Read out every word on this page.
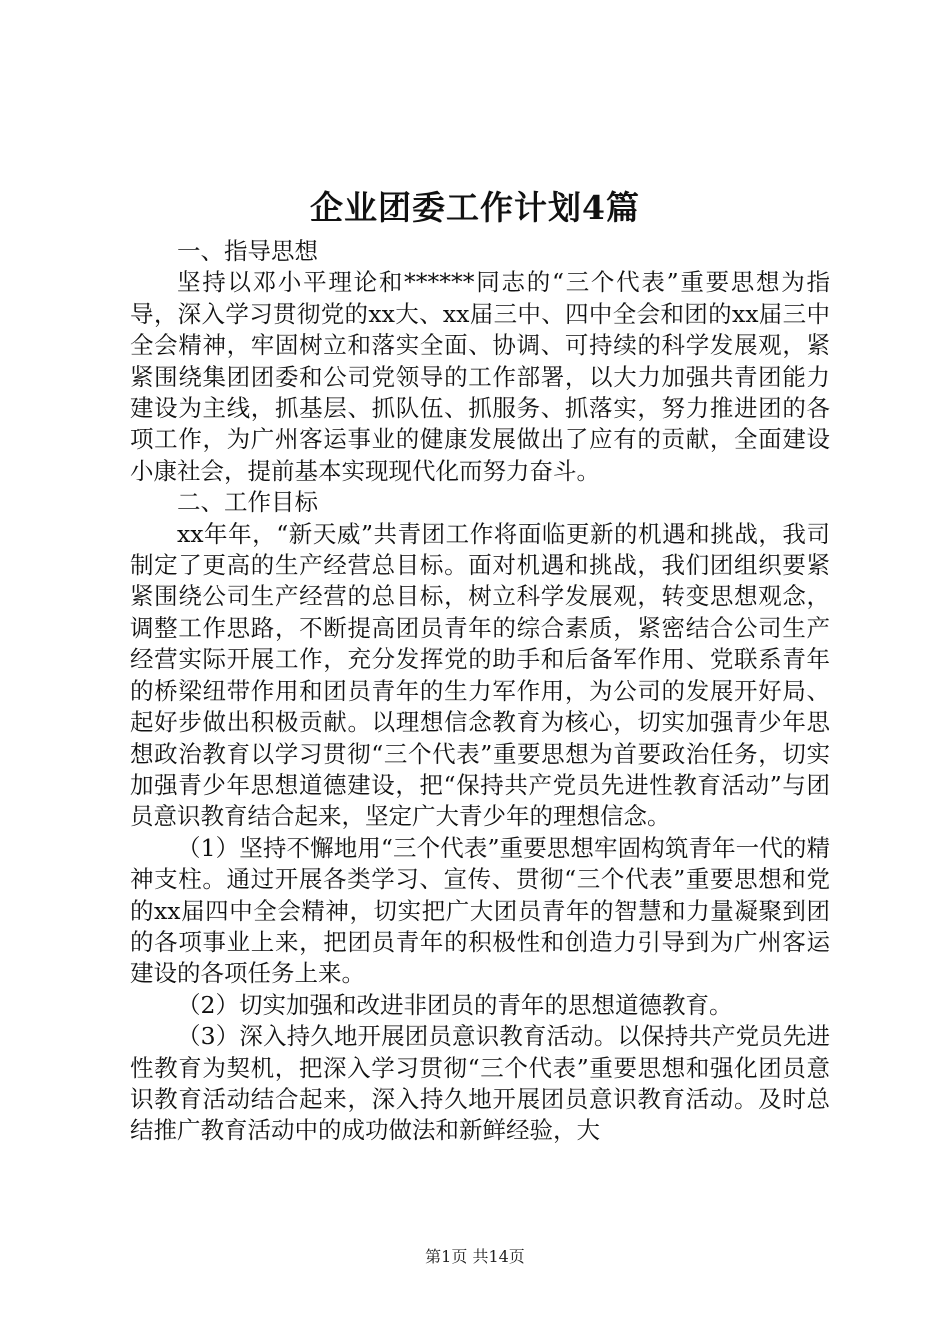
企业团委工作计划4篇

一、指导思想

坚持以邓小平理论和******同志的“三个代表”重要思想为指导，深入学习贯彻党的xx大、xx届三中、四中全会和团的xx届三中全会精神，牢固树立和落实全面、协调、可持续的科学发展观，紧紧围绕集团团委和公司党领导的工作部署，以大力加强共青团能力建设为主线，抓基层、抓队伍、抓服务、抓落实，努力推进团的各项工作，为广州客运事业的健康发展做出了应有的贡献，全面建设小康社会，提前基本实现现代化而努力奋斗。

二、工作目标

xx年年，“新天威”共青团工作将面临更新的机遇和挑战，我司制定了更高的生产经营总目标。面对机遇和挑战，我们团组织要紧紧围绕公司生产经营的总目标，树立科学发展观，转变思想观念，调整工作思路，不断提高团员青年的综合素质，紧密结合公司生产经营实际开展工作，充分发挥党的助手和后备军作用、党联系青年的桥梁纽带作用和团员青年的生力军作用，为公司的发展开好局、起好步做出积极贡献。以理想信念教育为核心，切实加强青少年思想政治教育以学习贯彻“三个代表”重要思想为首要政治任务，切实加强青少年思想道德建设，把“保持共产党员先进性教育活动”与团员意识教育结合起来，坚定广大青少年的理想信念。

（1）坚持不懈地用“三个代表”重要思想牢固构筑青年一代的精神支柱。通过开展各类学习、宣传、贯彻“三个代表”重要思想和党的xx届四中全会精神，切实把广大团员青年的智慧和力量凝聚到团的各项事业上来，把团员青年的积极性和创造力引导到为广州客运建设的各项任务上来。

（2）切实加强和改进非团员的青年的思想道德教育。

（3）深入持久地开展团员意识教育活动。以保持共产党员先进性教育为契机，把深入学习贯彻“三个代表”重要思想和强化团员意识教育活动结合起来，深入持久地开展团员意识教育活动。及时总结推广教育活动中的成功做法和新鲜经验，大

第1页 共14页
